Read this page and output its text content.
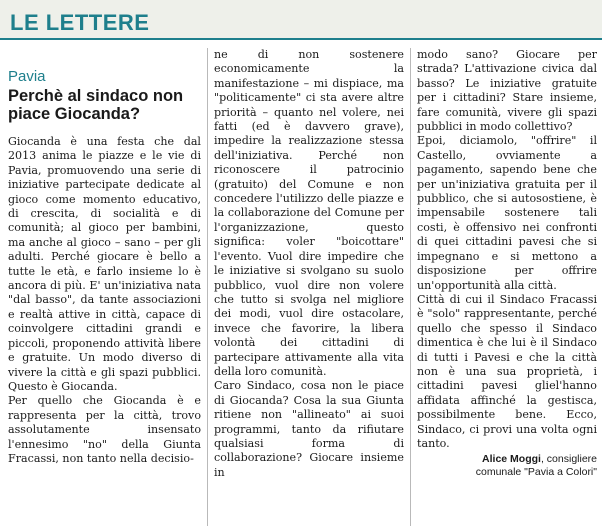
LE LETTERE
Pavia
Perchè al sindaco non piace Giocanda?

Giocanda è una festa che dal 2013 anima le piazze e le vie di Pavia, promuovendo una serie di iniziative partecipate dedicate al gioco come momento educativo, di crescita, di socialità e di comunità; al gioco per bambini, ma anche al gioco – sano – per gli adulti. Perché giocare è bello a tutte le età, e farlo insieme lo è ancora di più. E' un'iniziativa nata "dal basso", da tante associazioni e realtà attive in città, capace di coinvolgere cittadini grandi e piccoli, proponendo attività libere e gratuite. Un modo diverso di vivere la città e gli spazi pubblici. Questo è Giocanda.

Per quello che Giocanda è e rappresenta per la città, trovo assolutamente insensato l'ennesimo "no" della Giunta Fracassi, non tanto nella decisio-

ne di non sostenere economicamente la manifestazione – mi dispiace, ma "politicamente" ci sta avere altre priorità – quanto nel volere, nei fatti (ed è davvero grave), impedire la realizzazione stessa dell'iniziativa. Perché non riconoscere il patrocinio (gratuito) del Comune e non concedere l'utilizzo delle piazze e la collaborazione del Comune per l'organizzazione, questo significa: voler "boicottare" l'evento. Vuol dire impedire che le iniziative si svolgano su suolo pubblico, vuol dire non volere che tutto si svolga nel migliore dei modi, vuol dire ostacolare, invece che favorire, la libera volontà dei cittadini di partecipare attivamente alla vita della loro comunità.

Caro Sindaco, cosa non le piace di Giocanda? Cosa la sua Giunta ritiene non "allineato" ai suoi programmi, tanto da rifiutare qualsiasi forma di collaborazione? Giocare insieme in

modo sano? Giocare per strada? L'attivazione civica dal basso? Le iniziative gratuite per i cittadini? Stare insieme, fare comunità, vivere gli spazi pubblici in modo collettivo?

Epoi, diciamolo, "offrire" il Castello, ovviamente a pagamento, sapendo bene che per un'iniziativa gratuita per il pubblico, che si autosostiene, è impensabile sostenere tali costi, è offensivo nei confronti di quei cittadini pavesi che si impegnano e si mettono a disposizione per offrire un'opportunità alla città.

Città di cui il Sindaco Fracassi è "solo" rappresentante, perché quello che spesso il Sindaco dimentica è che lui è il Sindaco di tutti i Pavesi e che la città non è una sua proprietà, i cittadini pavesi gliel'hanno affidata affinché la gestisca, possibilmente bene. Ecco, Sindaco, ci provi una volta ogni tanto.

Alice Moggi, consigliere
comunale "Pavia a Colori"
